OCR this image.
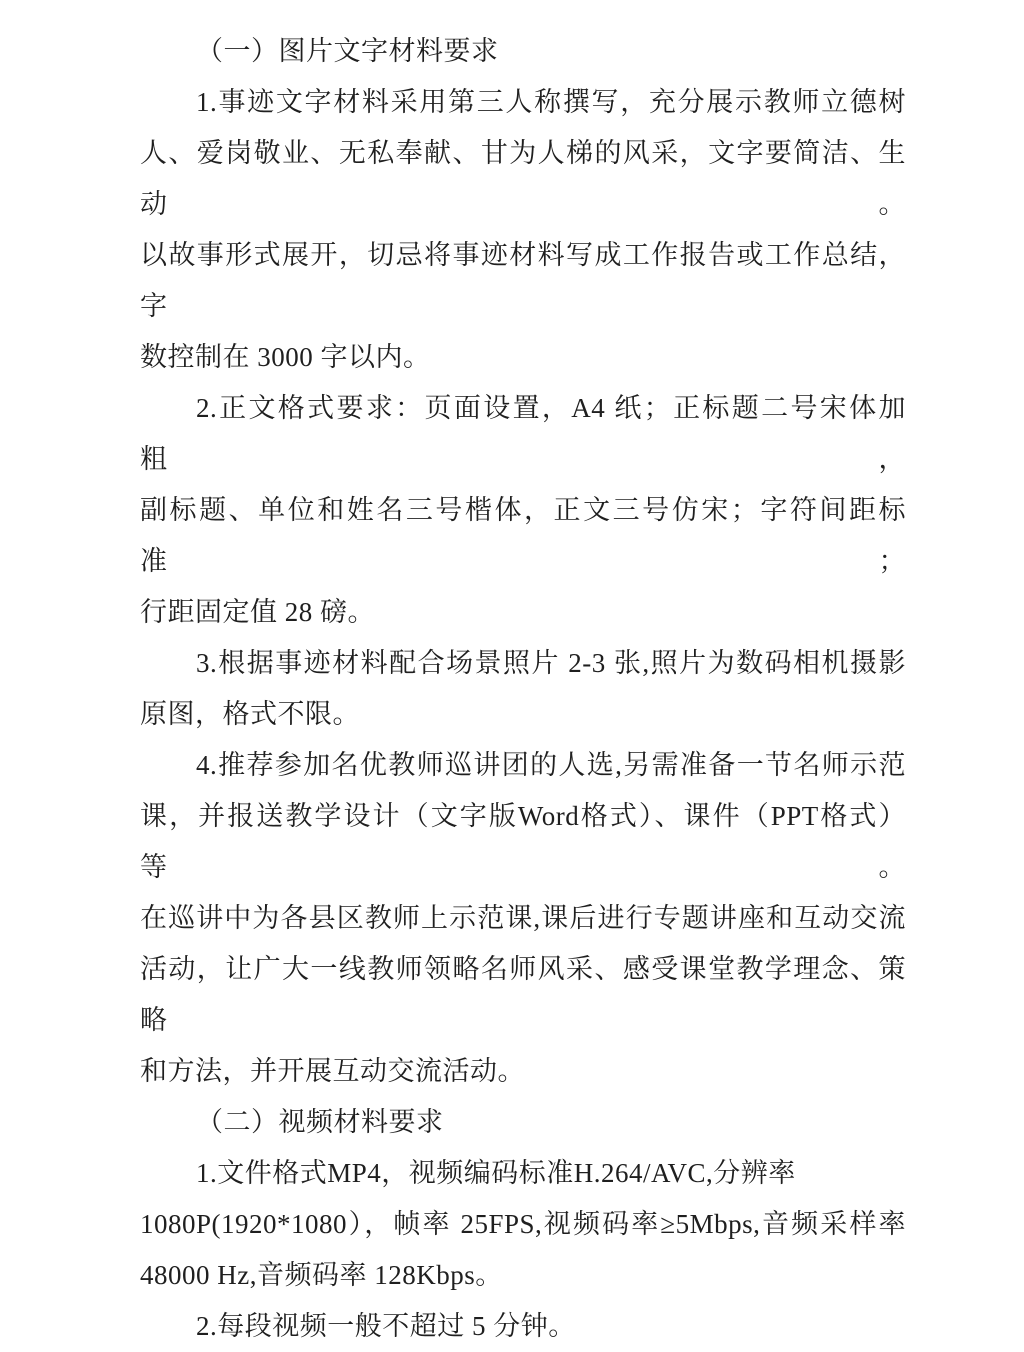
（一）图片文字材料要求
1.事迹文字材料采用第三人称撰写，充分展示教师立德树
人、爱岗敬业、无私奉献、甘为人梯的风采，文字要简洁、生动。
以故事形式展开，切忌将事迹材料写成工作报告或工作总结，字
数控制在 3000 字以内。
2.正文格式要求：页面设置，A4 纸；正标题二号宋体加粗，
副标题、单位和姓名三号楷体，正文三号仿宋；字符间距标准；
行距固定值 28 磅。
3.根据事迹材料配合场景照片 2-3 张,照片为数码相机摄影
原图，格式不限。
4.推荐参加名优教师巡讲团的人选,另需准备一节名师示范
课，并报送教学设计（文字版Word格式）、课件（PPT格式）等。
在巡讲中为各县区教师上示范课,课后进行专题讲座和互动交流
活动，让广大一线教师领略名师风采、感受课堂教学理念、策略
和方法，并开展互动交流活动。
（二）视频材料要求
1.文件格式MP4，视频编码标准H.264/AVC,分辨率
1080P(1920*1080），帧率 25FPS,视频码率≥5Mbps,音频采样率
48000 Hz,音频码率 128Kbps。
2.每段视频一般不超过 5 分钟。
